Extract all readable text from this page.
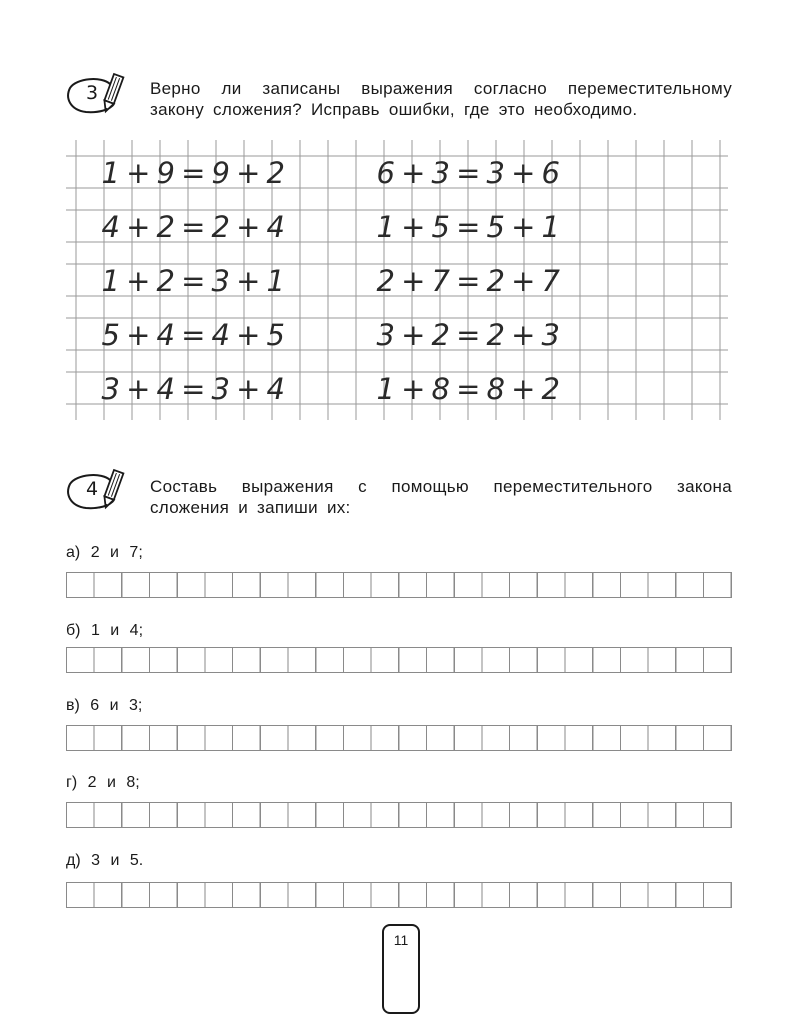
3	Верно ли записаны выражения согласно переместительному закону сложения? Исправь ошибки, где это необходимо.
1 + 9 = 9 + 2
4 + 2 = 2 + 4
1 + 2 = 3 + 1
5 + 4 = 4 + 5
3 + 4 = 3 + 4
6 + 3 = 3 + 6
1 + 5 = 5 + 1
2 + 7 = 2 + 7
3 + 2 = 2 + 3
1 + 8 = 8 + 2
4	Составь выражения с помощью переместительного закона сложения и запиши их:
а) 2 и 7;
б) 1 и 4;
в) 6 и 3;
г) 2 и 8;
д) 3 и 5.
11
